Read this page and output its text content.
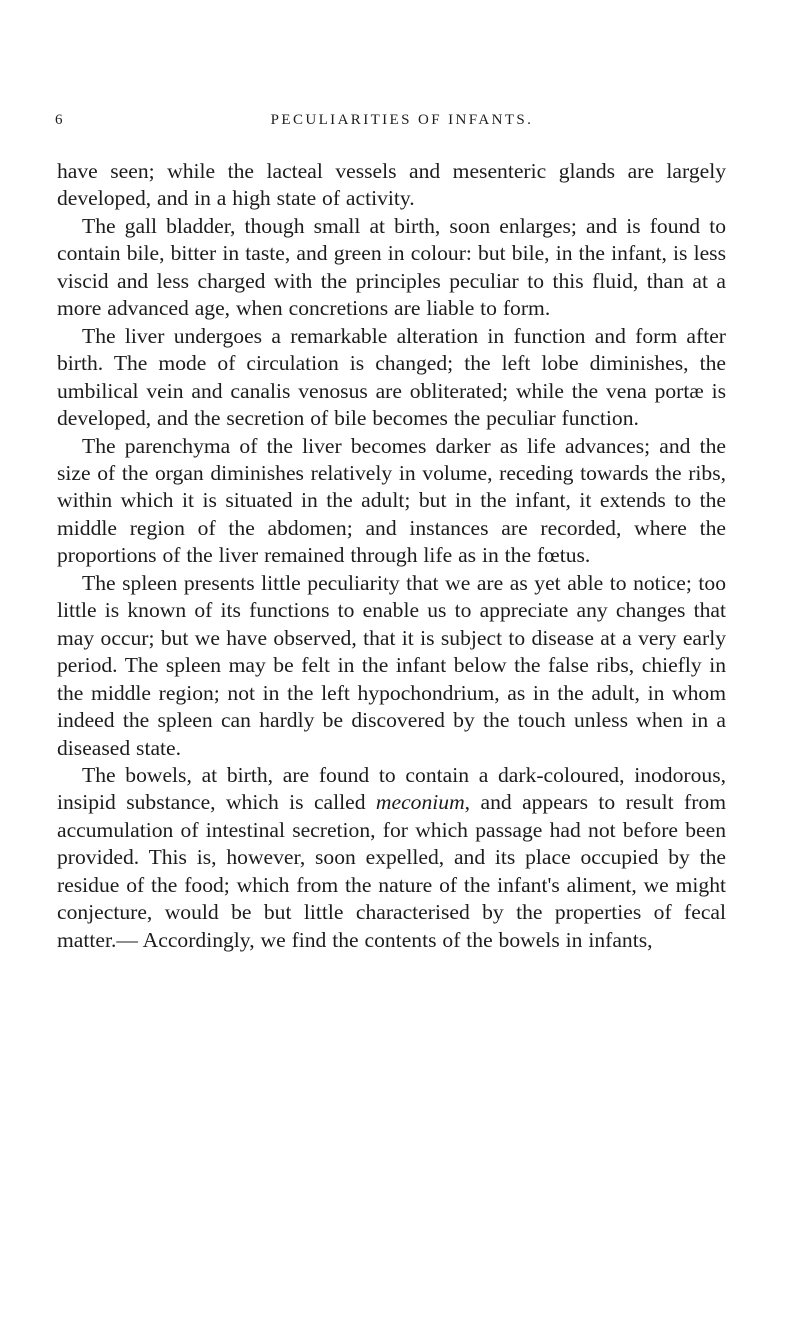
6	PECULIARITIES OF INFANTS.

have seen; while the lacteal vessels and mesenteric glands are largely developed, and in a high state of activity.

The gall bladder, though small at birth, soon enlarges; and is found to contain bile, bitter in taste, and green in colour: but bile, in the infant, is less viscid and less charged with the principles peculiar to this fluid, than at a more advanced age, when concretions are liable to form.

The liver undergoes a remarkable alteration in function and form after birth. The mode of circulation is changed; the left lobe diminishes, the umbilical vein and canalis venosus are obliterated; while the vena portæ is developed, and the secretion of bile becomes the peculiar function.

The parenchyma of the liver becomes darker as life advances; and the size of the organ diminishes relatively in volume, receding towards the ribs, within which it is situated in the adult; but in the infant, it extends to the middle region of the abdomen; and instances are recorded, where the proportions of the liver remained through life as in the fœtus.

The spleen presents little peculiarity that we are as yet able to notice; too little is known of its functions to enable us to appreciate any changes that may occur; but we have observed, that it is subject to disease at a very early period. The spleen may be felt in the infant below the false ribs, chiefly in the middle region; not in the left hypochondrium, as in the adult, in whom indeed the spleen can hardly be discovered by the touch unless when in a diseased state.

The bowels, at birth, are found to contain a dark-coloured, inodorous, insipid substance, which is called meconium, and appears to result from accumulation of intestinal secretion, for which passage had not before been provided. This is, however, soon expelled, and its place occupied by the residue of the food; which from the nature of the infant's aliment, we might conjecture, would be but little characterised by the properties of fecal matter.— Accordingly, we find the contents of the bowels in infants,
